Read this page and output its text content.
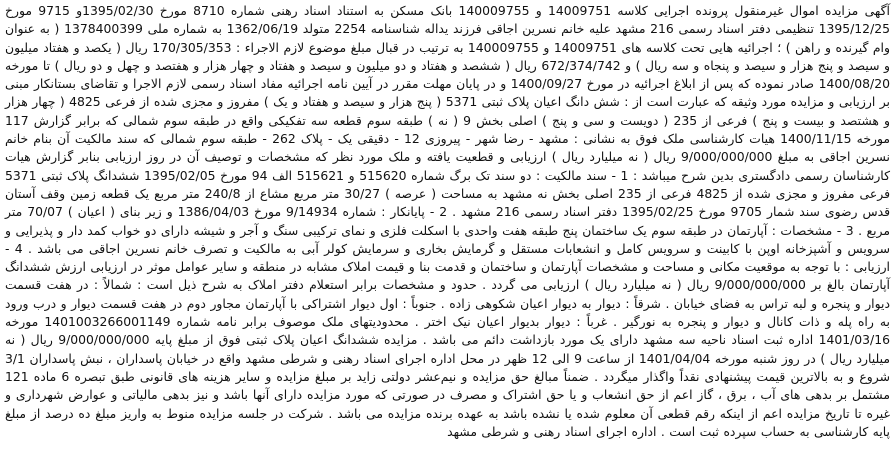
آگهی مزایده اموال غیرمنقول پرونده اجرایی کلاسه 14009751 و 140009755 بانک مسکن به استناد اسناد رهنی شماره 8710 مورخ 1395/02/30و 9715 مورخ 1395/12/25 تنظیمی دفتر اسناد رسمی 216 مشهد علیه خانم نسرین اجاقی فرزند یداله شناسنامه 2254 متولد 1362/06/19 به شماره ملی 1378400399 ( به عنوان وام گیرنده و راهن ) ؛ اجرائیه هایی تحت کلاسه های 14009751 و 140009755 به ترتیب در قبال مبلغ موضوع لازم الاجراء : 170/305/353 ریال ( یکصد و هفتاد میلیون و سیصد و پنج هزار و سیصد و پنجاه و سه ریال ) و 672/374/742 ریال ( ششصد و هفتاد و دو میلیون و سیصد و هفتاد و چهار هزار و هفتصد و چهل و دو ریال ) تا مورخه 1400/08/20 صادر نموده که پس از ابلاغ اجرائیه در مورخ 1400/09/27 و در پایان مهلت مقرر در آیین نامه اجرائیه مفاد اسناد رسمی لازم الاجرا و تقاضای بستانکار مبنی بر ارزیابی و مزایده مورد وثیقه که عبارت است از : شش دانگ اعیان پلاک ثبتی 5371 ( پنج هزار و سیصد و هفتاد و یک ) مفروز و مجزی شده از فرعی 4825 ( چهار هزار و هشتصد و بیست و پنج ) فرعی از 235 ( دویست و سی و پنج ) اصلی بخش 9 ( نه ) طبقه سوم قطعه سه تفکیکی واقع در طبقه سوم شمالی که برابر گزارش 117 مورخه 1400/11/15 هیات کارشناسی ملک فوق به نشانی : مشهد - رضا شهر - پیروزی 12 - دقیقی یک - پلاک 262 - طبقه سوم شمالی که سند مالکیت آن بنام خانم نسرین اجاقی به مبلغ 9/000/000/000 ریال ( نه میلیارد ریال ) ارزیابی و قطعیت یافته و ملک مورد نظر که مشخصات و توصیف آن در روز ارزیابی بنابر گزارش هیات کارشناسان رسمی دادگستری بدین شرح میباشد : 1 - سند مالکیت : دو سند تک برگ شماره 515620 و 515621 الف 94 مورخ 1395/02/05 ششدانگ پلاک ثبتی 5371 فرعی مفروز و مجزی شده از 4825 فرعی از 235 اصلی بخش نه مشهد به مساحت ( عرصه ) 30/27 متر مربع مشاع از 240/8 متر مربع یک قطعه زمین وقف آستان قدس رضوی سند شمار 9705 مورخ 1395/02/25 دفتر اسناد رسمی 216 مشهد . 2 - پایانکار : شماره 9/14934 مورخ 1386/04/03 و زیر بنای ( اعیان ) 70/07 متر مربع . 3 - مشخصات : آپارتمان در طبقه سوم یک ساختمان پنج طبقه هفت واحدی با اسکلت فلزی و نمای ترکیبی سنگ و آجر و شیشه دارای دو خواب کمد دار و پذیرایی و سرویس و آشپزخانه اوپن با کابینت و سرویس کامل و انشعابات مستقل و گرمایش بخاری و سرمایش کولر آبی به مالکیت و تصرف خانم نسرین اجاقی می باشد . 4 - ارزیابی : با توجه به موقعیت مکانی و مساحت و مشخصات آپارتمان و ساختمان و قدمت بنا و قیمت املاک مشابه در منطقه و سایر عوامل موثر در ارزیابی ارزش ششدانگ آپارتمان بالغ بر 9/000/000/000 ریال ( نه میلیارد ریال ) ارزیابی می گردد . حدود و مشخصات برابر استعلام دفتر املاک به شرح ذیل است : شمالاً : در هفت قسمت دیوار و پنجره و لبه تراس به فضای خیابان . شرقاً : دیوار به دیوار اعیان شکوهی زاده . جنوباً : اول دیوار اشتراکی با آپارتمان مجاور دوم در هفت قسمت دیوار و درب ورود به راه پله و ذات کانال و دیوار و پنجره به نورگیر . غرباً : دیوار بدیوار اعیان نیک اختر . محدودیتهای ملک موصوف برابر نامه شماره 1401003266001149 مورخه 1401/03/16 اداره ثبت اسناد ناحیه سه مشهد دارای یک مورد بازداشت دائم می باشد . مزایده ششدانگ اعیان پلاک ثبتی فوق از مبلغ پایه 9/000/000/000 ریال ( نه میلیارد ریال ) در روز شنبه مورخه 1401/04/04 از ساعت 9 الی 12 ظهر در محل اداره اجرای اسناد رهنی و شرطی مشهد واقع در خیابان پاسداران ، نبش پاسداران 3/1 شروع و به بالاترین قیمت پیشنهادی نقداً واگذار میگردد . ضمناً مبالغ حق مزایده و نیم‌عشر دولتی زاید بر مبلغ مزایده و سایر هزینه های قانونی طبق تبصره 6 ماده 121 مشتمل بر بدهی های آب ، برق ، گاز اعم از حق انشعاب و یا حق اشتراک و مصرف در صورتی که مورد مزایده دارای آنها باشد و نیز بدهی مالیاتی و عوارض شهرداری و غیره تا تاریخ مزایده اعم از اینکه رقم قطعی آن معلوم شده یا نشده باشد به عهده برنده مزایده می باشد . شرکت در جلسه مزایده منوط به واریز مبلغ ده درصد از مبلغ پایه کارشناسی به حساب سپرده ثبت است . اداره اجرای اسناد رهنی و شرطی مشهد
